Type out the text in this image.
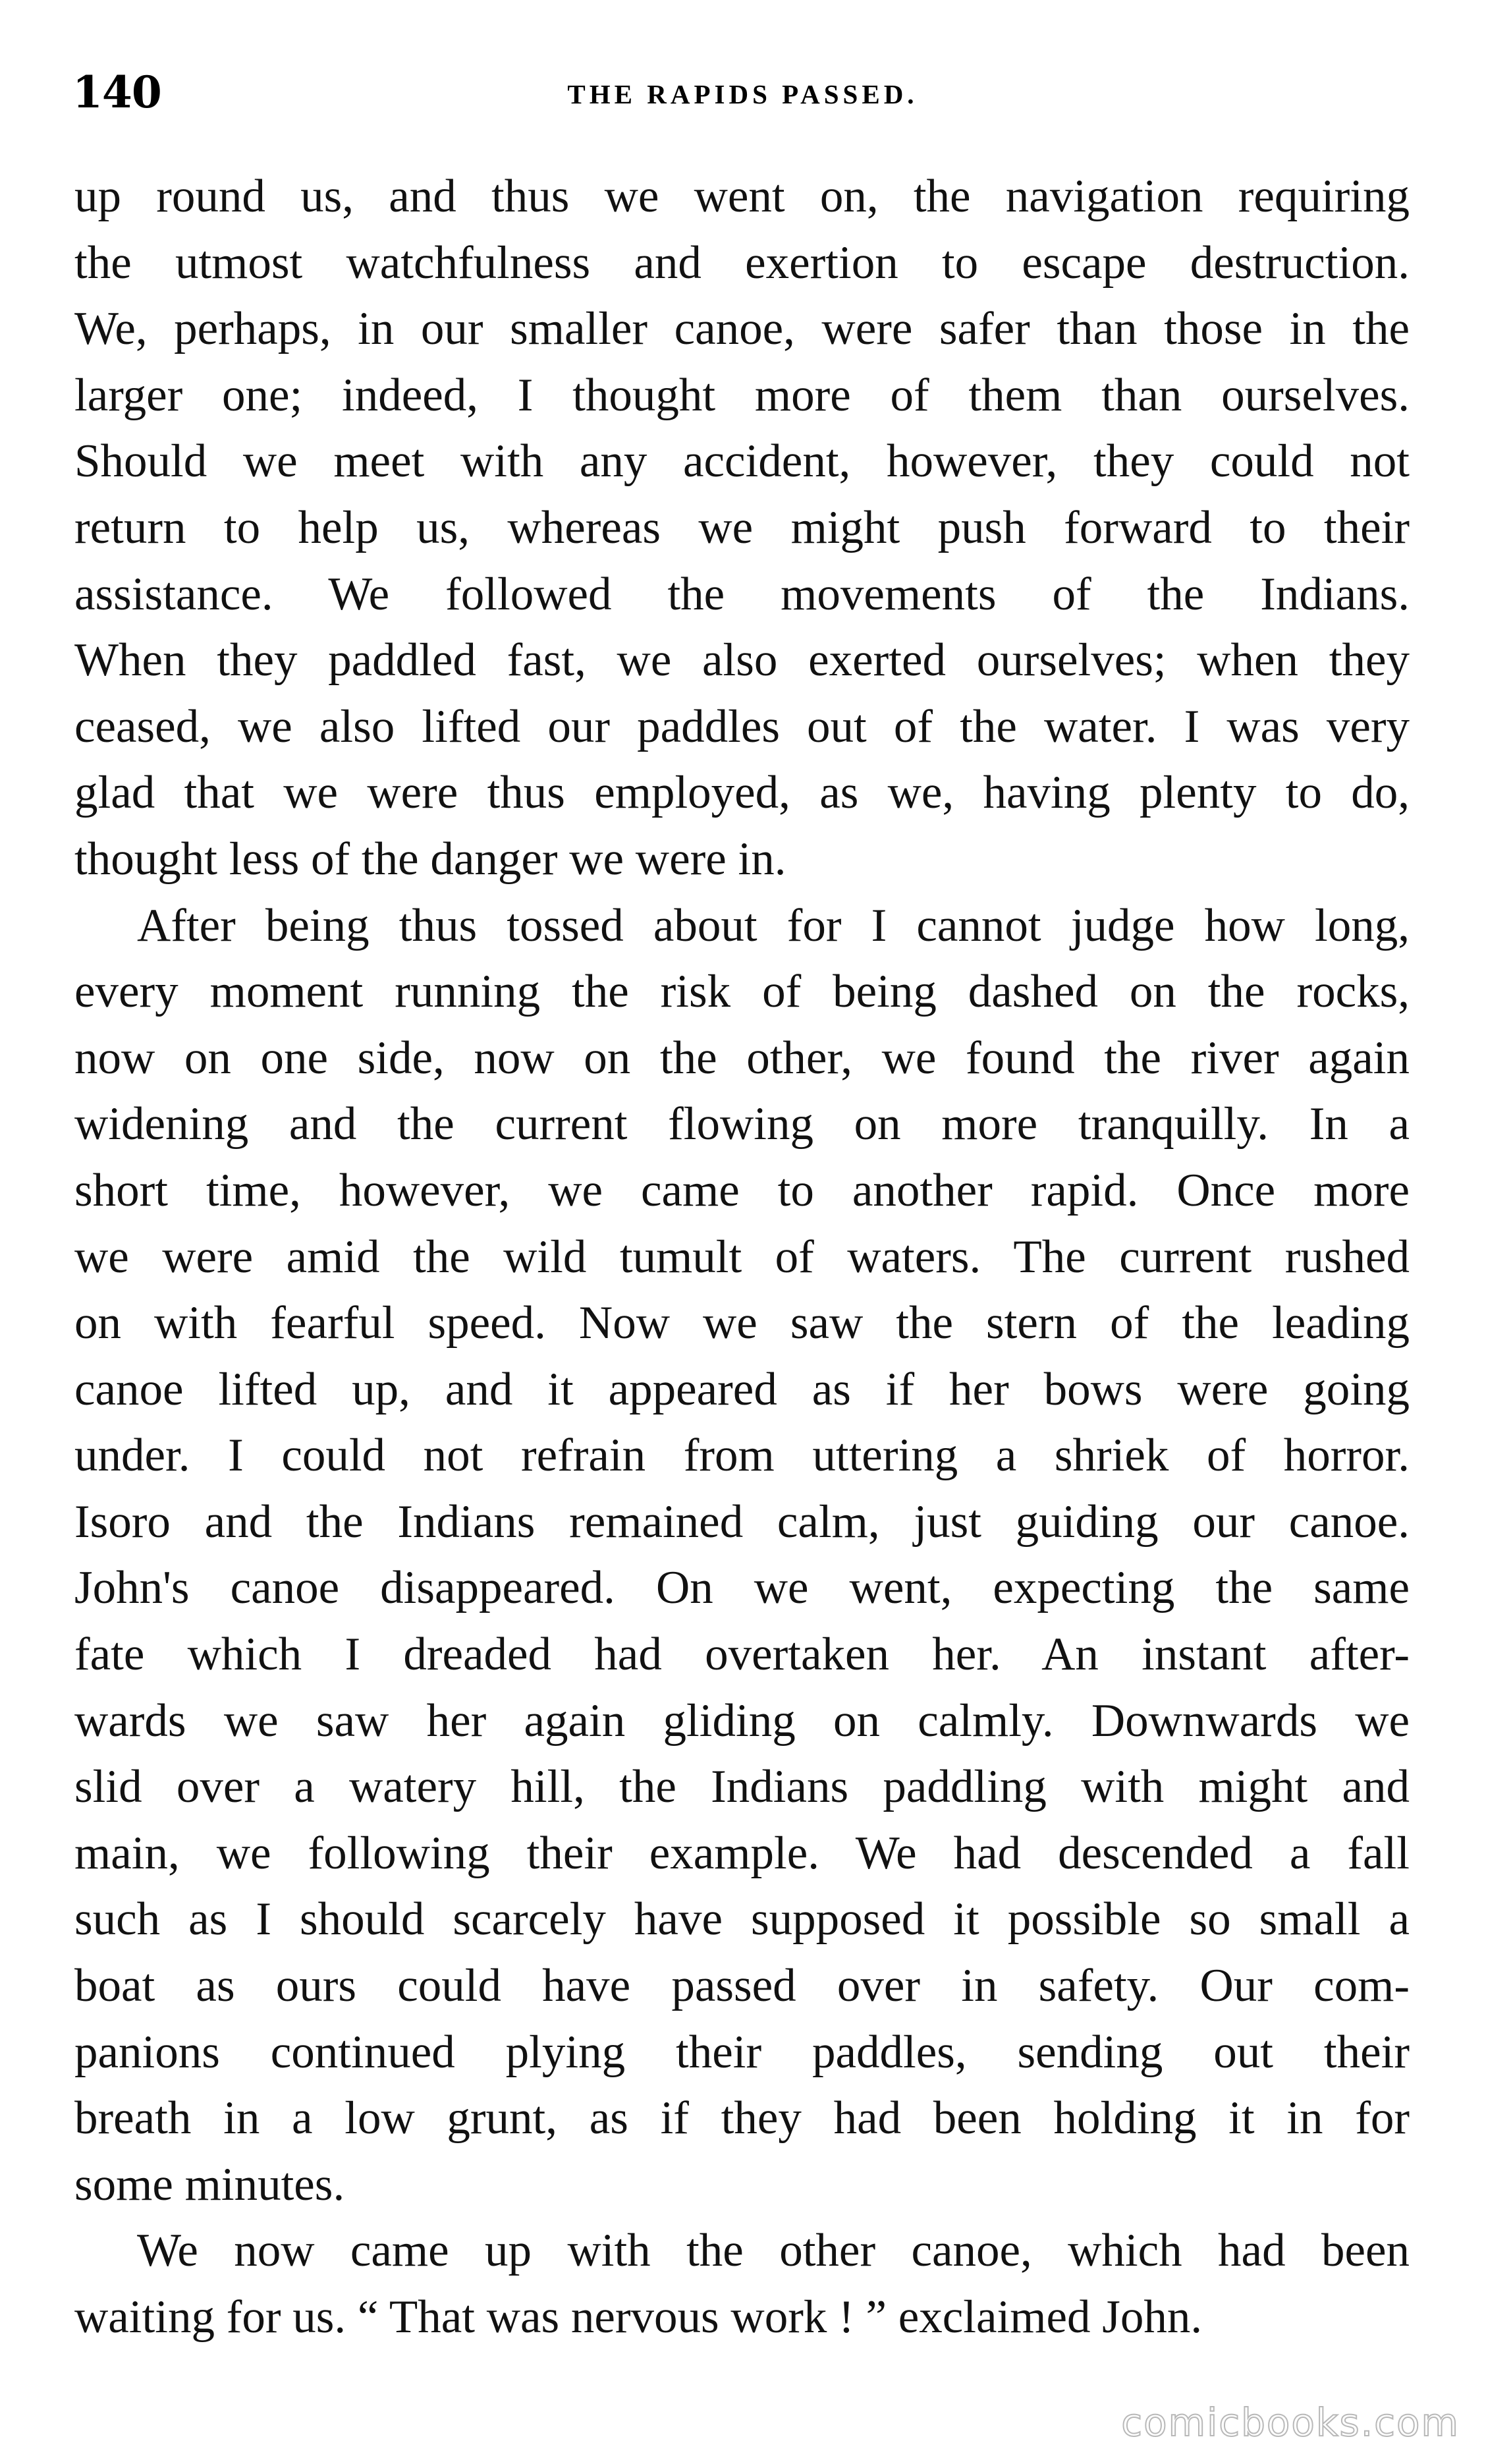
140	THE RAPIDS PASSED.
up round us, and thus we went on, the navigation requiring
the utmost watchfulness and exertion to escape destruction.
We, perhaps, in our smaller canoe, were safer than those in the
larger one; indeed, I thought more of them than ourselves.
Should we meet with any accident, however, they could not
return to help us, whereas we might push forward to their
assistance. We followed the movements of the Indians.
When they paddled fast, we also exerted ourselves; when they
ceased, we also lifted our paddles out of the water. I was very
glad that we were thus employed, as we, having plenty to do,
thought less of the danger we were in.
After being thus tossed about for I cannot judge how long,
every moment running the risk of being dashed on the rocks,
now on one side, now on the other, we found the river again
widening and the current flowing on more tranquilly. In a
short time, however, we came to another rapid. Once more
we were amid the wild tumult of waters. The current rushed
on with fearful speed. Now we saw the stern of the leading
canoe lifted up, and it appeared as if her bows were going
under. I could not refrain from uttering a shriek of horror.
Isoro and the Indians remained calm, just guiding our canoe.
John's canoe disappeared. On we went, expecting the same
fate which I dreaded had overtaken her. An instant after-
wards we saw her again gliding on calmly. Downwards we
slid over a watery hill, the Indians paddling with might and
main, we following their example. We had descended a fall
such as I should scarcely have supposed it possible so small a
boat as ours could have passed over in safety. Our com-
panions continued plying their paddles, sending out their
breath in a low grunt, as if they had been holding it in for
some minutes.
We now came up with the other canoe, which had been
waiting for us. “ That was nervous work ! ” exclaimed John.
comicbooks.com
